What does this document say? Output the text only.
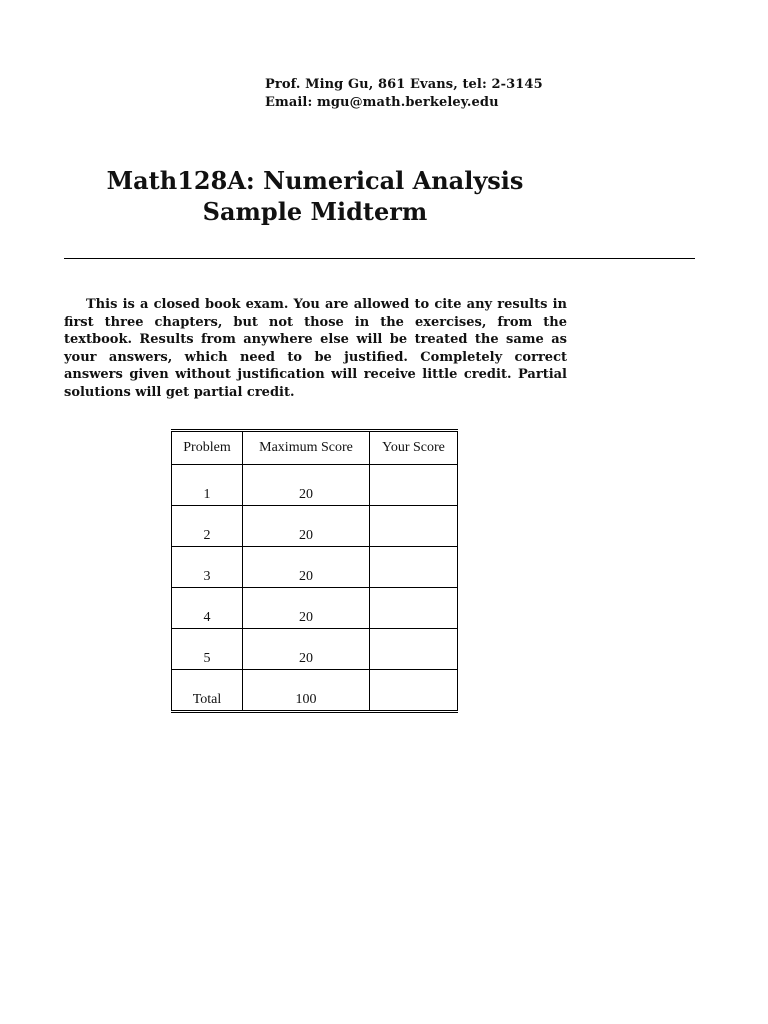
Prof. Ming Gu, 861 Evans, tel: 2-3145
Email: mgu@math.berkeley.edu
Math128A: Numerical Analysis
Sample Midterm

This is a closed book exam. You are allowed to cite any results in first three chapters, but not those in the exercises, from the textbook. Results from anywhere else will be treated the same as your answers, which need to be justified. Completely correct answers given without justification will receive little credit. Partial solutions will get partial credit.

Problem	Maximum Score	Your Score
1	20	
2	20	
3	20	
4	20	
5	20	
Total	100	
